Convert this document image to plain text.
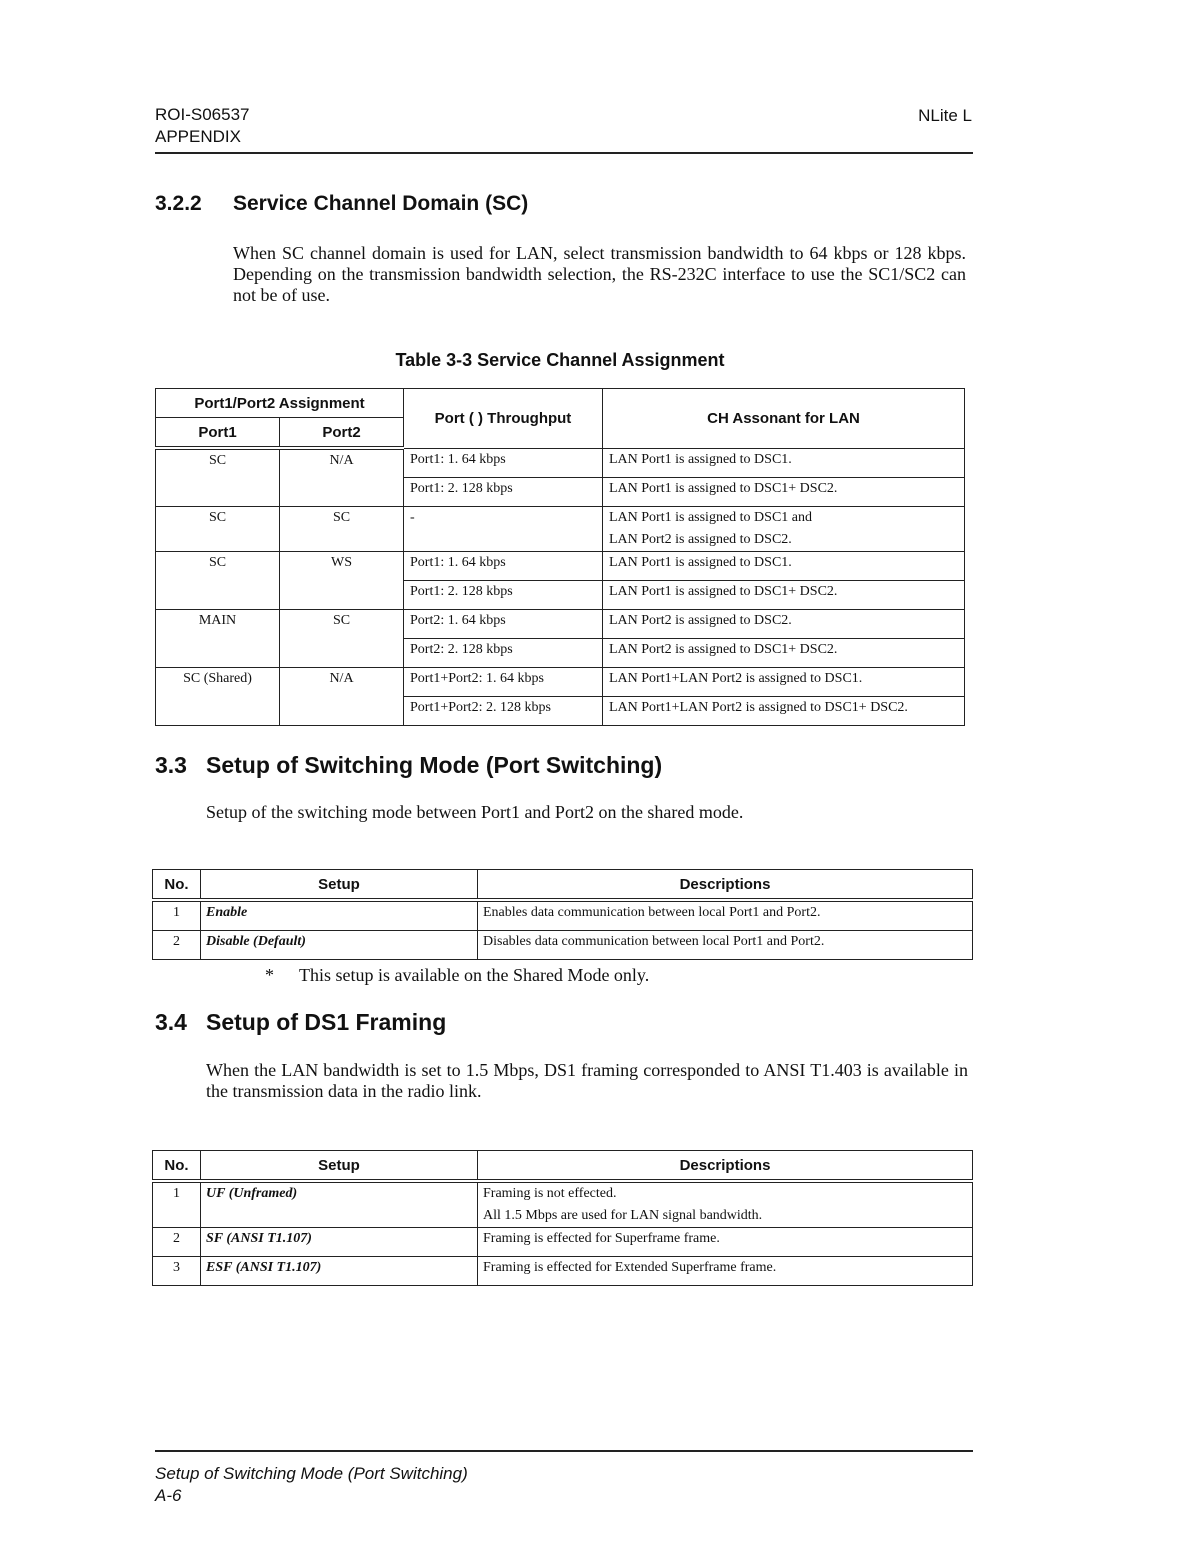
ROI-S06537
APPENDIX
NLite L
3.2.2 Service Channel Domain (SC)
When SC channel domain is used for LAN, select transmission bandwidth to 64 kbps or 128 kbps. Depending on the transmission bandwidth selection, the RS-232C interface to use the SC1/SC2 can not be of use.
Table 3-3 Service Channel Assignment
Port1/Port2 Assignment		Port ( ) Throughput	CH Assonant for LAN
Port1	Port2		
SC	N/A	Port1: 1. 64 kbps	LAN Port1 is assigned to DSC1.
		Port1: 2. 128 kbps	LAN Port1 is assigned to DSC1+ DSC2.
SC	SC	-	LAN Port1 is assigned to DSC1 and
LAN Port2 is assigned to DSC2.

SC	WS	Port1: 1. 64 kbps	LAN Port1 is assigned to DSC1.
		Port1: 2. 128 kbps	LAN Port1 is assigned to DSC1+ DSC2.
MAIN	SC	Port2: 1. 64 kbps	LAN Port2 is assigned to DSC2.
		Port2: 2. 128 kbps	LAN Port2 is assigned to DSC1+ DSC2.
SC (Shared)	N/A	Port1+Port2: 1. 64 kbps	LAN Port1+LAN Port2 is assigned to DSC1.
		Port1+Port2: 2. 128 kbps	LAN Port1+LAN Port2 is assigned to DSC1+ DSC2.
3.3 Setup of Switching Mode (Port Switching)
Setup of the switching mode between Port1 and Port2 on the shared mode.
No.	Setup	Descriptions
1	Enable	Enables data communication between local Port1 and Port2.
2	Disable (Default)	Disables data communication between local Port1 and Port2.
* This setup is available on the Shared Mode only.
3.4 Setup of DS1 Framing
When the LAN bandwidth is set to 1.5 Mbps, DS1 framing corresponded to ANSI T1.403 is available in the transmission data in the radio link.
No.	Setup	Descriptions
1	UF (Unframed)	Framing is not effected.
All 1.5 Mbps are used for LAN signal bandwidth.

2	SF (ANSI T1.107)	Framing is effected for Superframe frame.
3	ESF (ANSI T1.107)	Framing is effected for Extended Superframe frame.
Setup of Switching Mode (Port Switching)
A-6
